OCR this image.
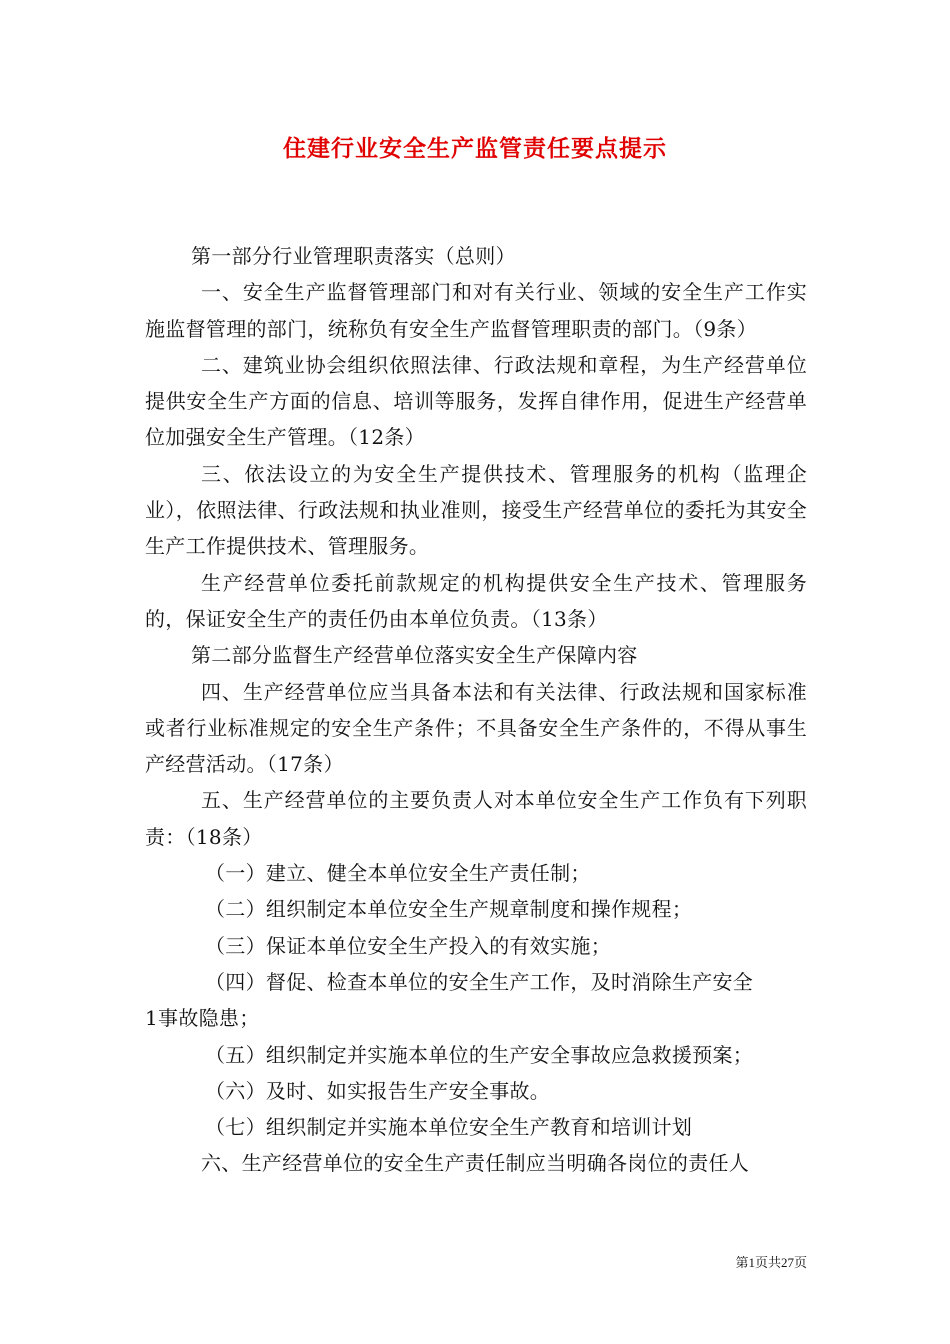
住建行业安全生产监管责任要点提示

第一部分行业管理职责落实（总则）

一、安全生产监督管理部门和对有关行业、领域的安全生产工作实施监督管理的部门，统称负有安全生产监督管理职责的部门。（9条）

二、建筑业协会组织依照法律、行政法规和章程，为生产经营单位提供安全生产方面的信息、培训等服务，发挥自律作用，促进生产经营单位加强安全生产管理。（12条）

三、依法设立的为安全生产提供技术、管理服务的机构（监理企业），依照法律、行政法规和执业准则，接受生产经营单位的委托为其安全生产工作提供技术、管理服务。

生产经营单位委托前款规定的机构提供安全生产技术、管理服务的，保证安全生产的责任仍由本单位负责。（13条）

第二部分监督生产经营单位落实安全生产保障内容

四、生产经营单位应当具备本法和有关法律、行政法规和国家标准或者行业标准规定的安全生产条件；不具备安全生产条件的，不得从事生产经营活动。（17条）

五、生产经营单位的主要负责人对本单位安全生产工作负有下列职责：（18条）

（一）建立、健全本单位安全生产责任制；

（二）组织制定本单位安全生产规章制度和操作规程；

（三）保证本单位安全生产投入的有效实施；

（四）督促、检查本单位的安全生产工作，及时消除生产安全

1事故隐患；

（五）组织制定并实施本单位的生产安全事故应急救援预案；

（六）及时、如实报告生产安全事故。

（七）组织制定并实施本单位安全生产教育和培训计划

六、生产经营单位的安全生产责任制应当明确各岗位的责任人

第1页共27页
